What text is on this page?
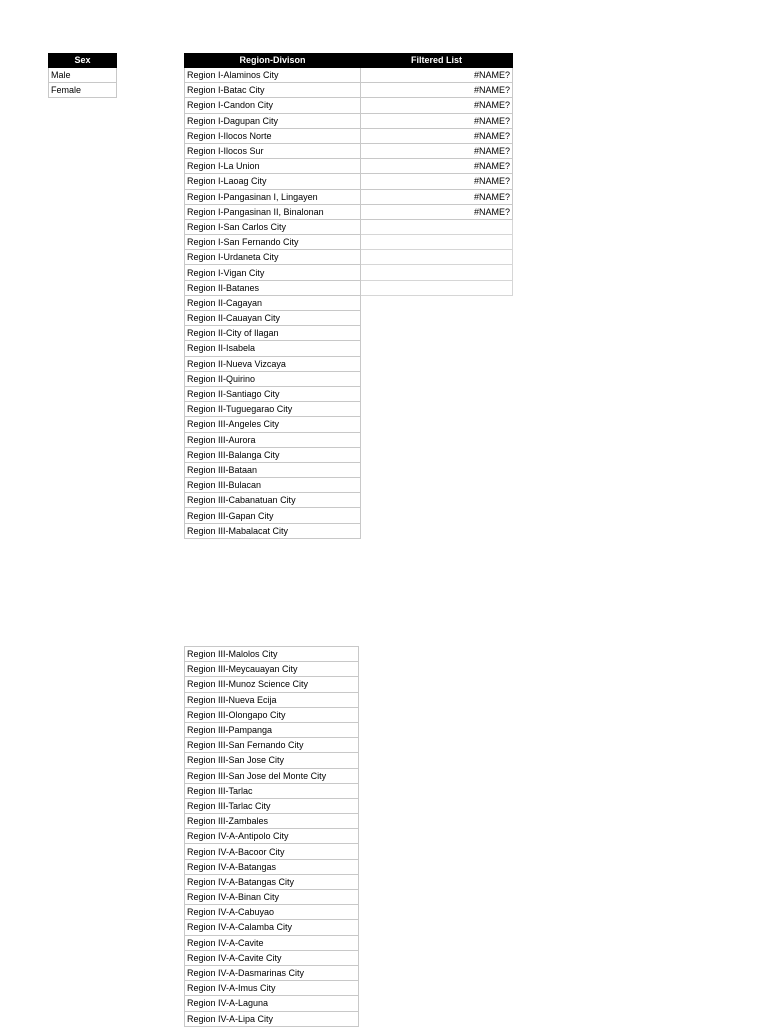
Sex
Male
Female
Region-Divison	Filtered List
Region I-Alaminos City	#NAME?
Region I-Batac City	#NAME?
Region I-Candon City	#NAME?
Region I-Dagupan City	#NAME?
Region I-Ilocos Norte	#NAME?
Region I-Ilocos Sur	#NAME?
Region I-La Union	#NAME?
Region I-Laoag City	#NAME?
Region I-Pangasinan I, Lingayen	#NAME?
Region I-Pangasinan II, Binalonan	#NAME?
Region I-San Carlos City	
Region I-San Fernando City	
Region I-Urdaneta City	
Region I-Vigan City	
Region II-Batanes	
Region II-Cagayan	
Region II-Cauayan City	
Region II-City of Ilagan	
Region II-Isabela	
Region II-Nueva Vizcaya	
Region II-Quirino	
Region II-Santiago City	
Region II-Tuguegarao City	
Region III-Angeles City	
Region III-Aurora	
Region III-Balanga City	
Region III-Bataan	
Region III-Bulacan	
Region III-Cabanatuan City	
Region III-Gapan City	
Region III-Mabalacat City	
Region III-Malolos City
Region III-Meycauayan City
Region III-Munoz Science City
Region III-Nueva Ecija
Region III-Olongapo City
Region III-Pampanga
Region III-San Fernando City
Region III-San Jose City
Region III-San Jose del Monte City
Region III-Tarlac
Region III-Tarlac City
Region III-Zambales
Region IV-A-Antipolo City
Region IV-A-Bacoor City
Region IV-A-Batangas
Region IV-A-Batangas City
Region IV-A-Binan City
Region IV-A-Cabuyao
Region IV-A-Calamba City
Region IV-A-Cavite
Region IV-A-Cavite City
Region IV-A-Dasmarinas City
Region IV-A-Imus City
Region IV-A-Laguna
Region IV-A-Lipa City
